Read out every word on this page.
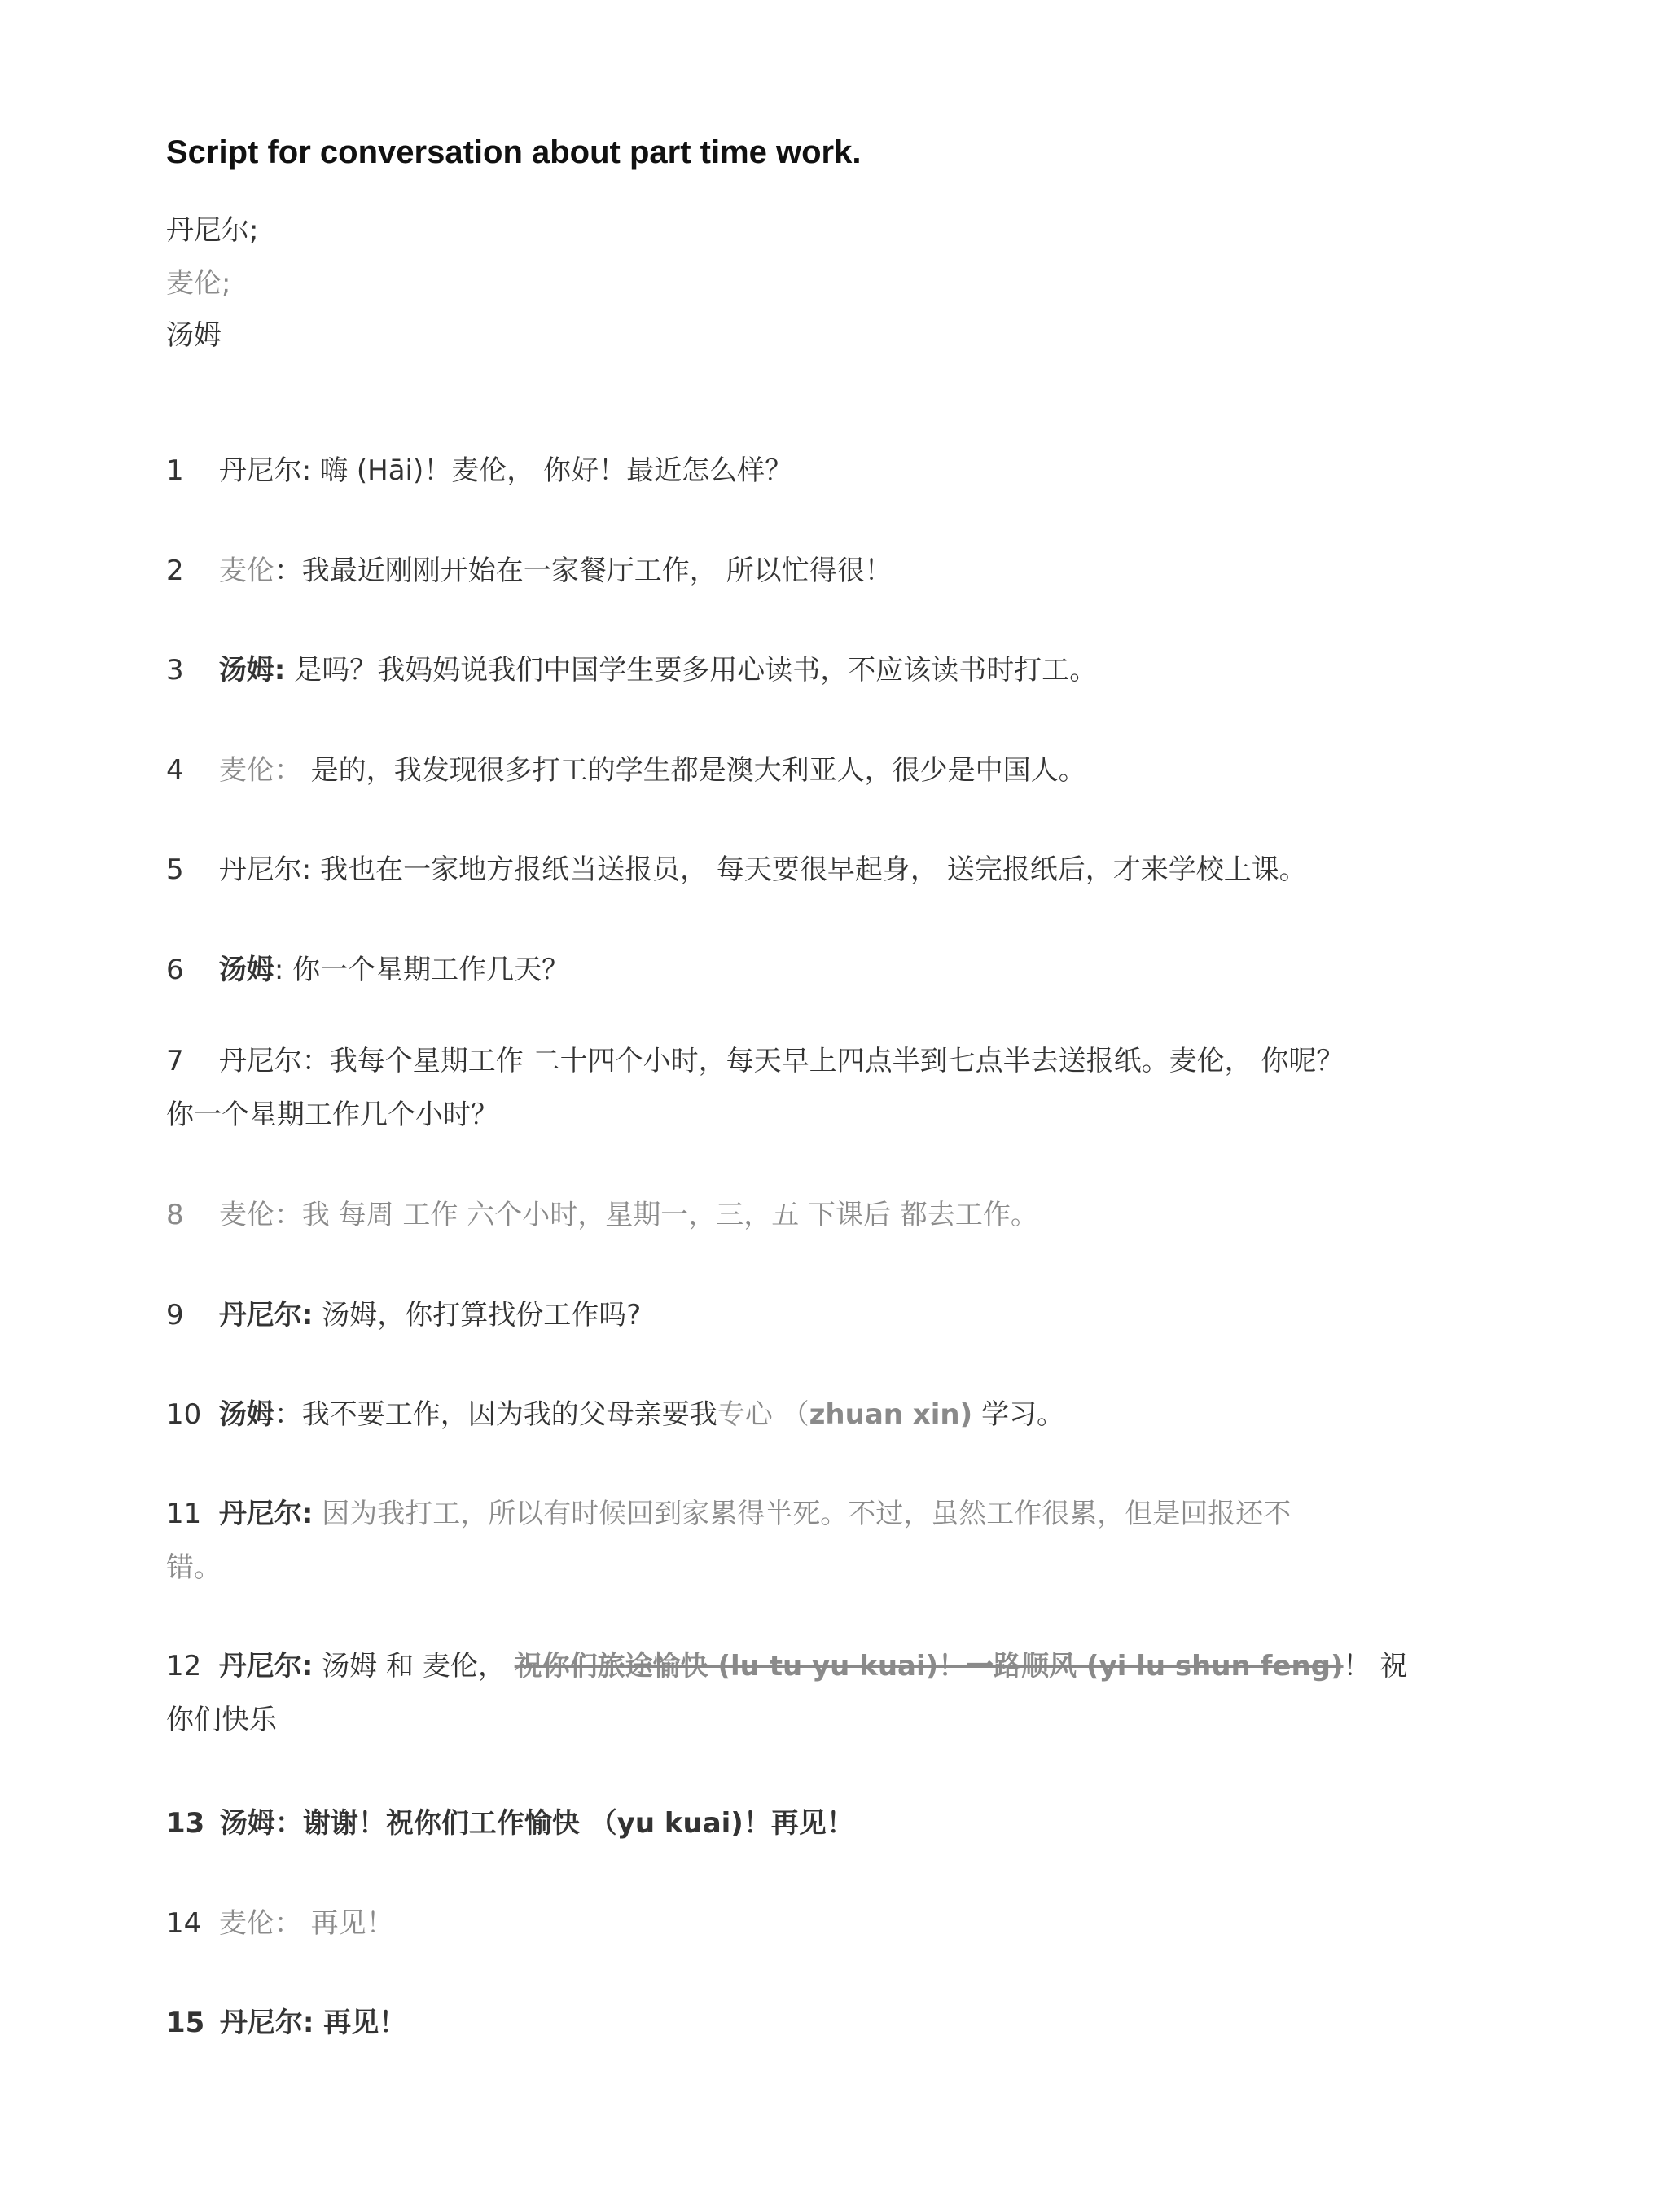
Script for conversation about part time work.
丹尼尔;
麦伦;
汤姆
1 丹尼尔: 嗨 (Hāi)！麦伦， 你好！最近怎么样？
2 麦伦：我最近刚刚开始在一家餐厅工作， 所以忙得很！
3 汤姆: 是吗？我妈妈说我们中国学生要多用心读书，不应该读书时打工。
4 麦伦： 是的，我发现很多打工的学生都是澳大利亚人，很少是中国人。
5 丹尼尔: 我也在一家地方报纸当送报员， 每天要很早起身， 送完报纸后，才来学校上课。
6 汤姆: 你一个星期工作几天？
7 丹尼尔：我每个星期工作 二十四个小时，每天早上四点半到七点半去送报纸。麦伦， 你呢？
你一个星期工作几个小时？
8 麦伦：我 每周 工作 六个小时，星期一，三，五 下课后 都去工作。
9 丹尼尔: 汤姆，你打算找份工作吗?
10 汤姆：我不要工作，因为我的父母亲要我专心 （zhuan xin) 学习。
11 丹尼尔: 因为我打工，所以有时候回到家累得半死。不过，虽然工作很累，但是回报还不
错。
12 丹尼尔: 汤姆 和 麦伦， 祝你们旅途愉快 (lu tu yu kuai)！一路顺风 (yi lu shun feng)！ 祝
你们快乐
13 汤姆：谢谢！祝你们工作愉快 （yu kuai)！再见！
14 麦伦： 再见！
15 丹尼尔: 再见！
